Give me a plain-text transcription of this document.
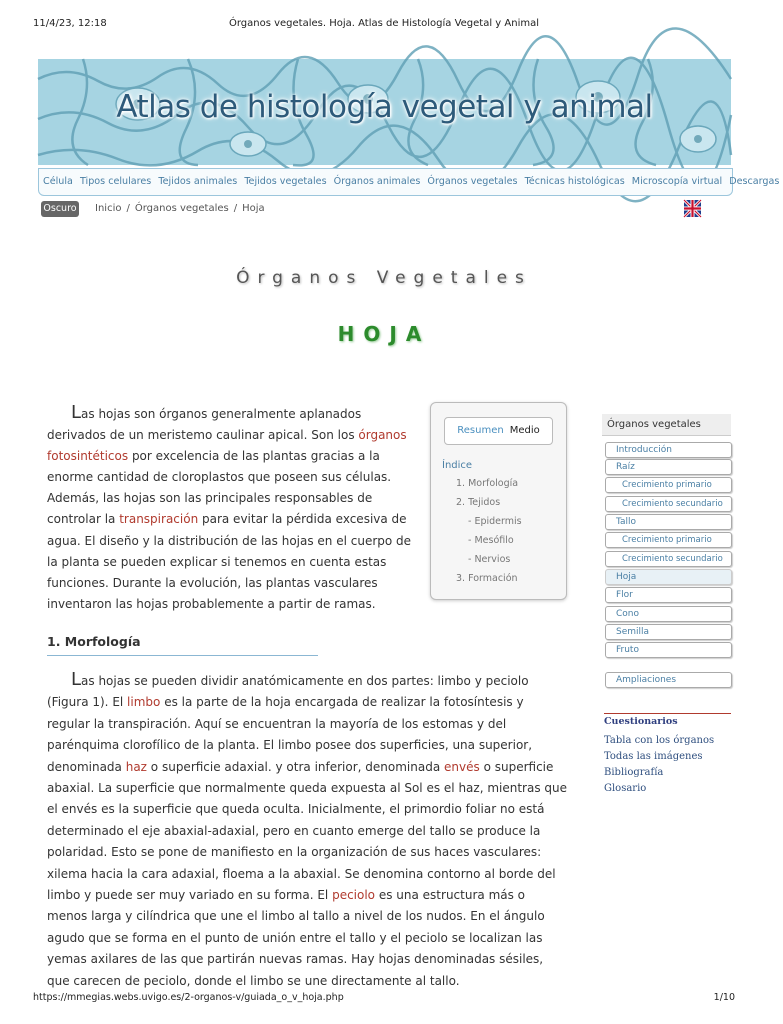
11/4/23, 12:18	Órganos vegetales. Hoja. Atlas de Histología Vegetal y Animal
Atlas de histología vegetal y animal
Célula Tipos celulares Tejidos animales Tejidos vegetales Órganos animales Órganos vegetales Técnicas histológicas Microscopía virtual Descargas
Oscuro Inicio / Órganos vegetales / Hoja
Órganos Vegetales
HOJA

Las hojas son órganos generalmente aplanados derivados de un meristemo caulinar apical. Son los órganos fotosintéticos por excelencia de las plantas gracias a la enorme cantidad de cloroplastos que poseen sus células. Además, las hojas son las principales responsables de controlar la transpiración para evitar la pérdida excesiva de agua. El diseño y la distribución de las hojas en el cuerpo de la planta se pueden explicar si tenemos en cuenta estas funciones. Durante la evolución, las plantas vasculares inventaron las hojas probablemente a partir de ramas.

Resumen Medio
Índice
1. Morfología
2. Tejidos
- Epidermis
- Mesófilo
- Nervios
3. Formación
1. Morfología

Las hojas se pueden dividir anatómicamente en dos partes: limbo y peciolo (Figura 1). El limbo es la parte de la hoja encargada de realizar la fotosíntesis y regular la transpiración. Aquí se encuentran la mayoría de los estomas y del parénquima clorofílico de la planta. El limbo posee dos superficies, una superior, denominada haz o superficie adaxial. y otra inferior, denominada envés o superficie abaxial. La superficie que normalmente queda expuesta al Sol es el haz, mientras que el envés es la superficie que queda oculta. Inicialmente, el primordio foliar no está determinado el eje abaxial-adaxial, pero en cuanto emerge del tallo se produce la polaridad. Esto se pone de manifiesto en la organización de sus haces vasculares: xilema hacia la cara adaxial, floema a la abaxial. Se denomina contorno al borde del limbo y puede ser muy variado en su forma. El peciolo es una estructura más o menos larga y cilíndrica que une el limbo al tallo a nivel de los nudos. En el ángulo agudo que se forma en el punto de unión entre el tallo y el peciolo se localizan las yemas axilares de las que partirán nuevas ramas. Hay hojas denominadas sésiles, que carecen de peciolo, donde el limbo se une directamente al tallo.

Órganos vegetales
Introducción
Raíz
Crecimiento primario
Crecimiento secundario
Tallo
Crecimiento primario
Crecimiento secundario
Hoja
Flor
Cono
Semilla
Fruto
Ampliaciones
Cuestionarios
Tabla con los órganos
Todas las imágenes
Bibliografía
Glosario
https://mmegias.webs.uvigo.es/2-organos-v/guiada_o_v_hoja.php	1/10
